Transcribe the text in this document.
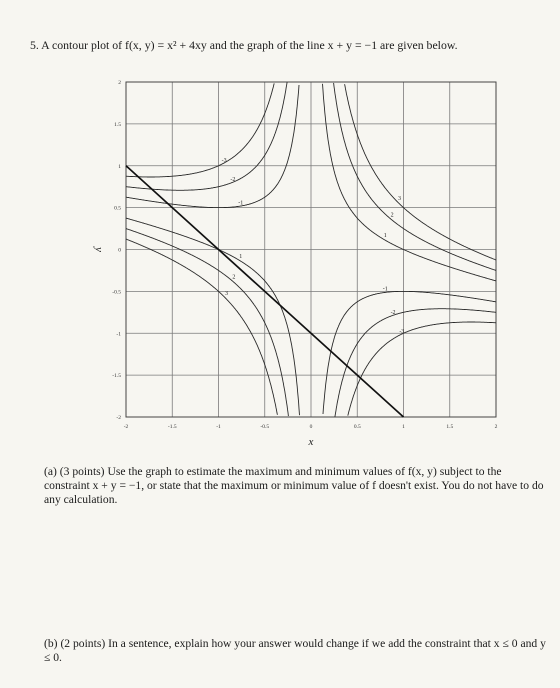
5. A contour plot of f(x, y) = x² + 4xy and the graph of the line x + y = −1 are given below.
-3
-3
-2
-2
-1
-1
1
1
2
2
3
3
-2	-1.5	-1	-0.5	0	0.5	1	1.5	2
2
1.5
1
0.5
0
-0.5
-1
-1.5
-2
x
y
(a) (3 points) Use the graph to estimate the maximum and minimum values of f(x, y) subject to the constraint x + y = −1, or state that the maximum or minimum value of f doesn't exist. You do not have to do any calculation.
(b) (2 points) In a sentence, explain how your answer would change if we add the constraint that x ≤ 0 and y ≤ 0.
